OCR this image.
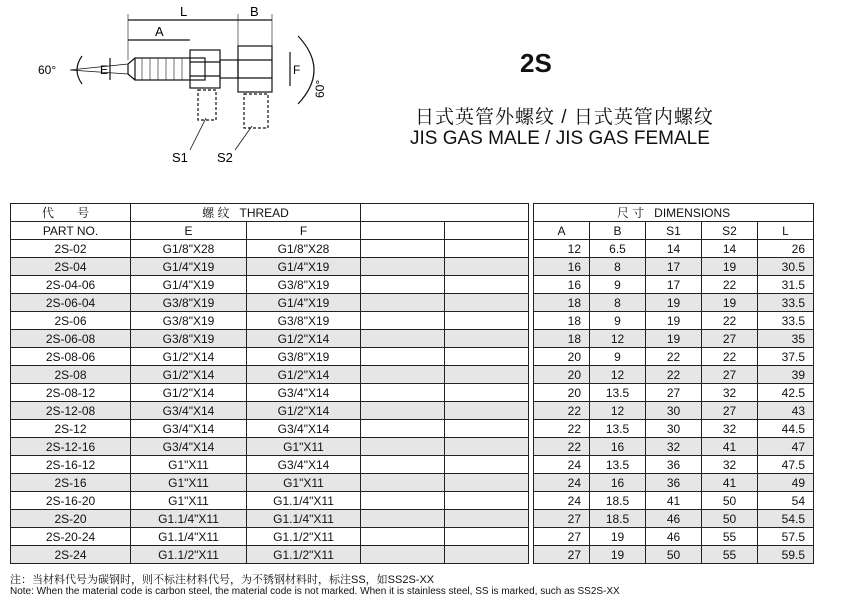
L	B
A
E	F
60°
60°
S1 S2
2S
日式英管外螺纹 / 日式英管内螺纹
JIS GAS MALE / JIS GAS FEMALE
代 号	螺 纹 THREAD					尺 寸 DIMENSIONS				
PART NO.	E	F				A	B	S1	S2	L
2S-02	G1/8"X28	G1/8"X28				12	6.5	14	14	26
2S-04	G1/4"X19	G1/4"X19				16	8	17	19	30.5
2S-04-06	G1/4"X19	G3/8"X19				16	9	17	22	31.5
2S-06-04	G3/8"X19	G1/4"X19				18	8	19	19	33.5
2S-06	G3/8"X19	G3/8"X19				18	9	19	22	33.5
2S-06-08	G3/8"X19	G1/2"X14				18	12	19	27	35
2S-08-06	G1/2"X14	G3/8"X19				20	9	22	22	37.5
2S-08	G1/2"X14	G1/2"X14				20	12	22	27	39
2S-08-12	G1/2"X14	G3/4"X14				20	13.5	27	32	42.5
2S-12-08	G3/4"X14	G1/2"X14				22	12	30	27	43
2S-12	G3/4"X14	G3/4"X14				22	13.5	30	32	44.5
2S-12-16	G3/4"X14	G1"X11				22	16	32	41	47
2S-16-12	G1"X11	G3/4"X14				24	13.5	36	32	47.5
2S-16	G1"X11	G1"X11				24	16	36	41	49
2S-16-20	G1"X11	G1.1/4"X11				24	18.5	41	50	54
2S-20	G1.1/4"X11	G1.1/4"X11				27	18.5	46	50	54.5
2S-20-24	G1.1/4"X11	G1.1/2"X11				27	19	46	55	57.5
2S-24	G1.1/2"X11	G1.1/2"X11				27	19	50	55	59.5
注：当材料代号为碳钢时，则不标注材料代号，为不锈钢材料时，标注SS，如SS2S-XX
Note: When the material code is carbon steel, the material code is not marked. When it is stainless steel, SS is marked, such as SS2S-XX
